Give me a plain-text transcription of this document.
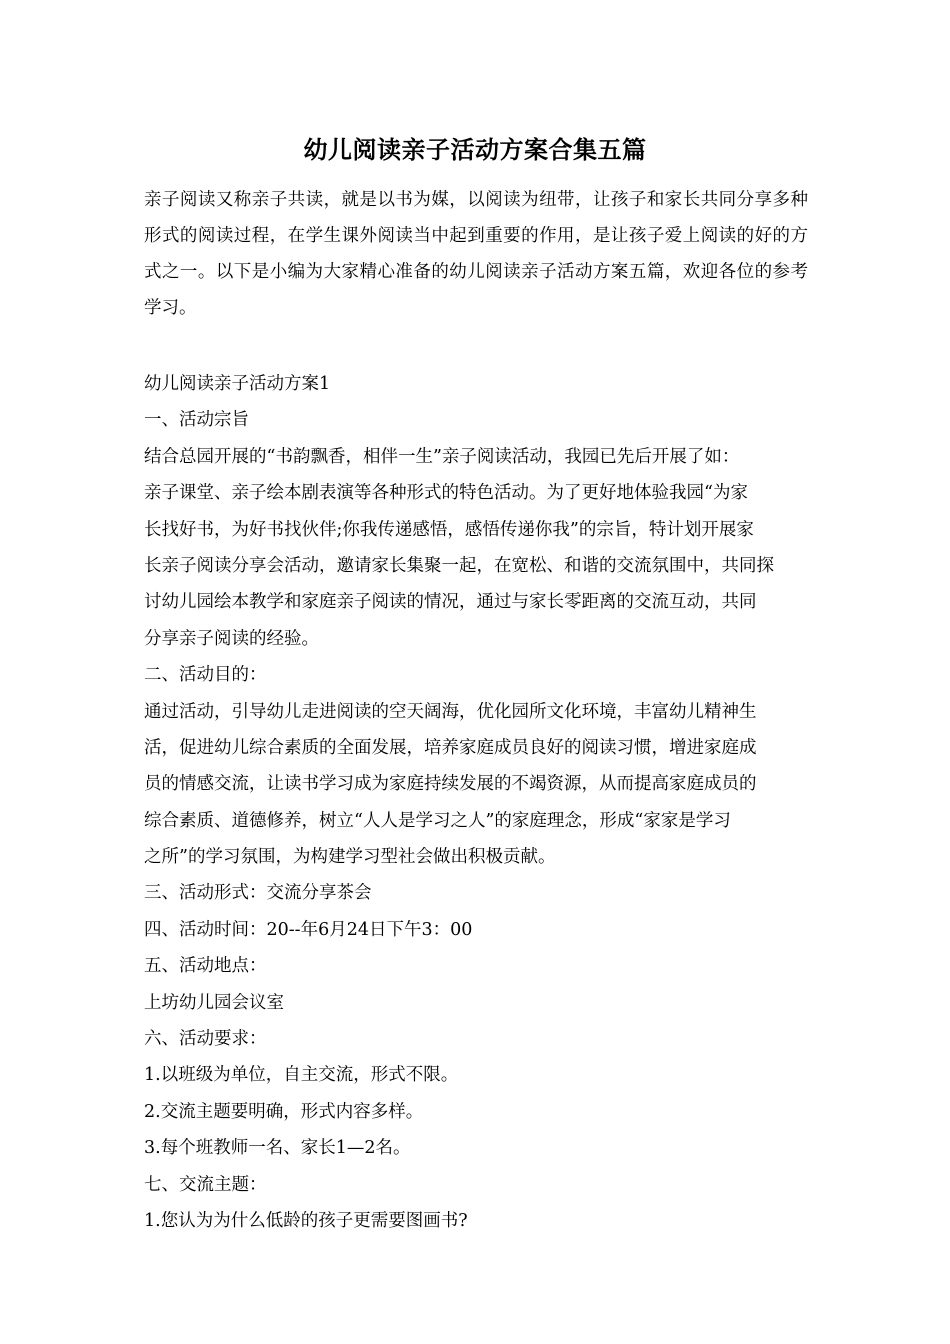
幼儿阅读亲子活动方案合集五篇
亲子阅读又称亲子共读，就是以书为媒，以阅读为纽带，让孩子和家长共同分享多种形式的阅读过程，在学生课外阅读当中起到重要的作用，是让孩子爱上阅读的好的方式之一。以下是小编为大家精心准备的幼儿阅读亲子活动方案五篇，欢迎各位的参考学习。
幼儿阅读亲子活动方案1
一、活动宗旨
结合总园开展的“书韵飘香，相伴一生”亲子阅读活动，我园已先后开展了如：
亲子课堂、亲子绘本剧表演等各种形式的特色活动。为了更好地体验我园“为家
长找好书，为好书找伙伴;你我传递感悟，感悟传递你我”的宗旨，特计划开展家
长亲子阅读分享会活动，邀请家长集聚一起，在宽松、和谐的交流氛围中，共同探
讨幼儿园绘本教学和家庭亲子阅读的情况，通过与家长零距离的交流互动，共同
分享亲子阅读的经验。
二、活动目的：
通过活动，引导幼儿走进阅读的空天阔海，优化园所文化环境，丰富幼儿精神生
活，促进幼儿综合素质的全面发展，培养家庭成员良好的阅读习惯，增进家庭成
员的情感交流，让读书学习成为家庭持续发展的不竭资源，从而提高家庭成员的
综合素质、道德修养，树立“人人是学习之人”的家庭理念，形成“家家是学习
之所”的学习氛围，为构建学习型社会做出积极贡献。
三、活动形式：交流分享茶会
四、活动时间：20--年6月24日下午3：00
五、活动地点：
上坊幼儿园会议室
六、活动要求：
1.以班级为单位，自主交流，形式不限。
2.交流主题要明确，形式内容多样。
3.每个班教师一名、家长1—2名。
七、交流主题：
1.您认为为什么低龄的孩子更需要图画书?
